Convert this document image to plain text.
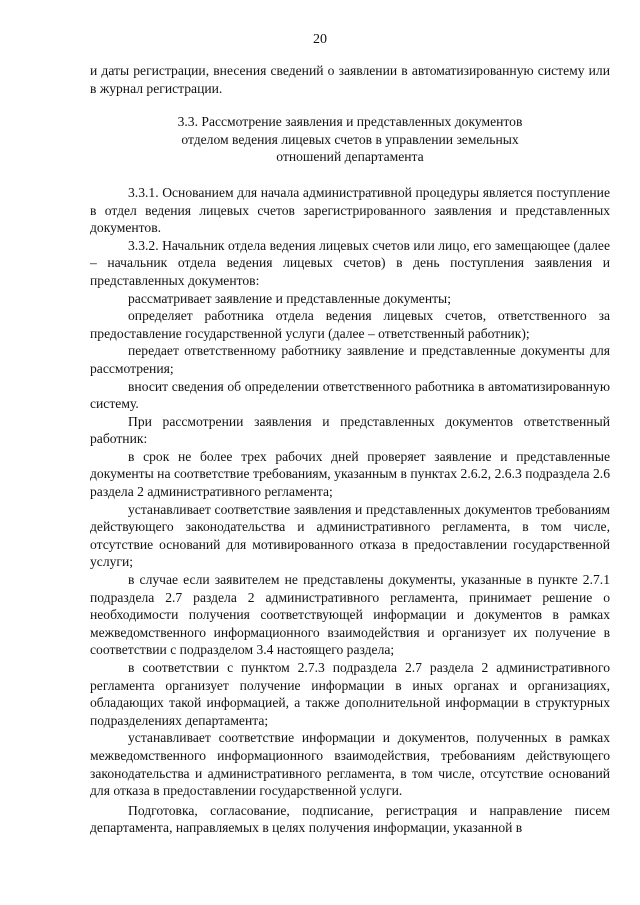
20

и даты регистрации, внесения сведений о заявлении в автоматизированную систему или в журнал регистрации.

3.3. Рассмотрение заявления и представленных документов
отделом ведения лицевых счетов в управлении земельных
отношений департамента

3.3.1. Основанием для начала административной процедуры является поступление в отдел ведения лицевых счетов зарегистрированного заявления и представленных документов.

3.3.2. Начальник отдела ведения лицевых счетов или лицо, его замещающее (далее – начальник отдела ведения лицевых счетов) в день поступления заявления и представленных документов:

рассматривает заявление и представленные документы;

определяет работника отдела ведения лицевых счетов, ответственного за предоставление государственной услуги (далее – ответственный работник);

передает ответственному работнику заявление и представленные документы для рассмотрения;

вносит сведения об определении ответственного работника в автоматизированную систему.

При рассмотрении заявления и представленных документов ответственный работник:

в срок не более трех рабочих дней проверяет заявление и представленные документы на соответствие требованиям, указанным в пунктах 2.6.2, 2.6.3 подраздела 2.6 раздела 2 административного регламента;

устанавливает соответствие заявления и представленных документов требованиям действующего законодательства и административного регламента, в том числе, отсутствие оснований для мотивированного отказа в предоставлении государственной услуги;

в случае если заявителем не представлены документы, указанные в пункте 2.7.1 подраздела 2.7 раздела 2 административного регламента, принимает решение о необходимости получения соответствующей информации и документов в рамках межведомственного информационного взаимодействия и организует их получение в соответствии с подразделом 3.4 настоящего раздела;

в соответствии с пунктом 2.7.3 подраздела 2.7 раздела 2 административного регламента организует получение информации в иных органах и организациях, обладающих такой информацией, а также дополнительной информации в структурных подразделениях департамента;

устанавливает соответствие информации и документов, полученных в рамках межведомственного информационного взаимодействия, требованиям действующего законодательства и административного регламента, в том числе, отсутствие оснований для отказа в предоставлении государственной услуги.

Подготовка, согласование, подписание, регистрация и направление писем департамента, направляемых в целях получения информации, указанной в
